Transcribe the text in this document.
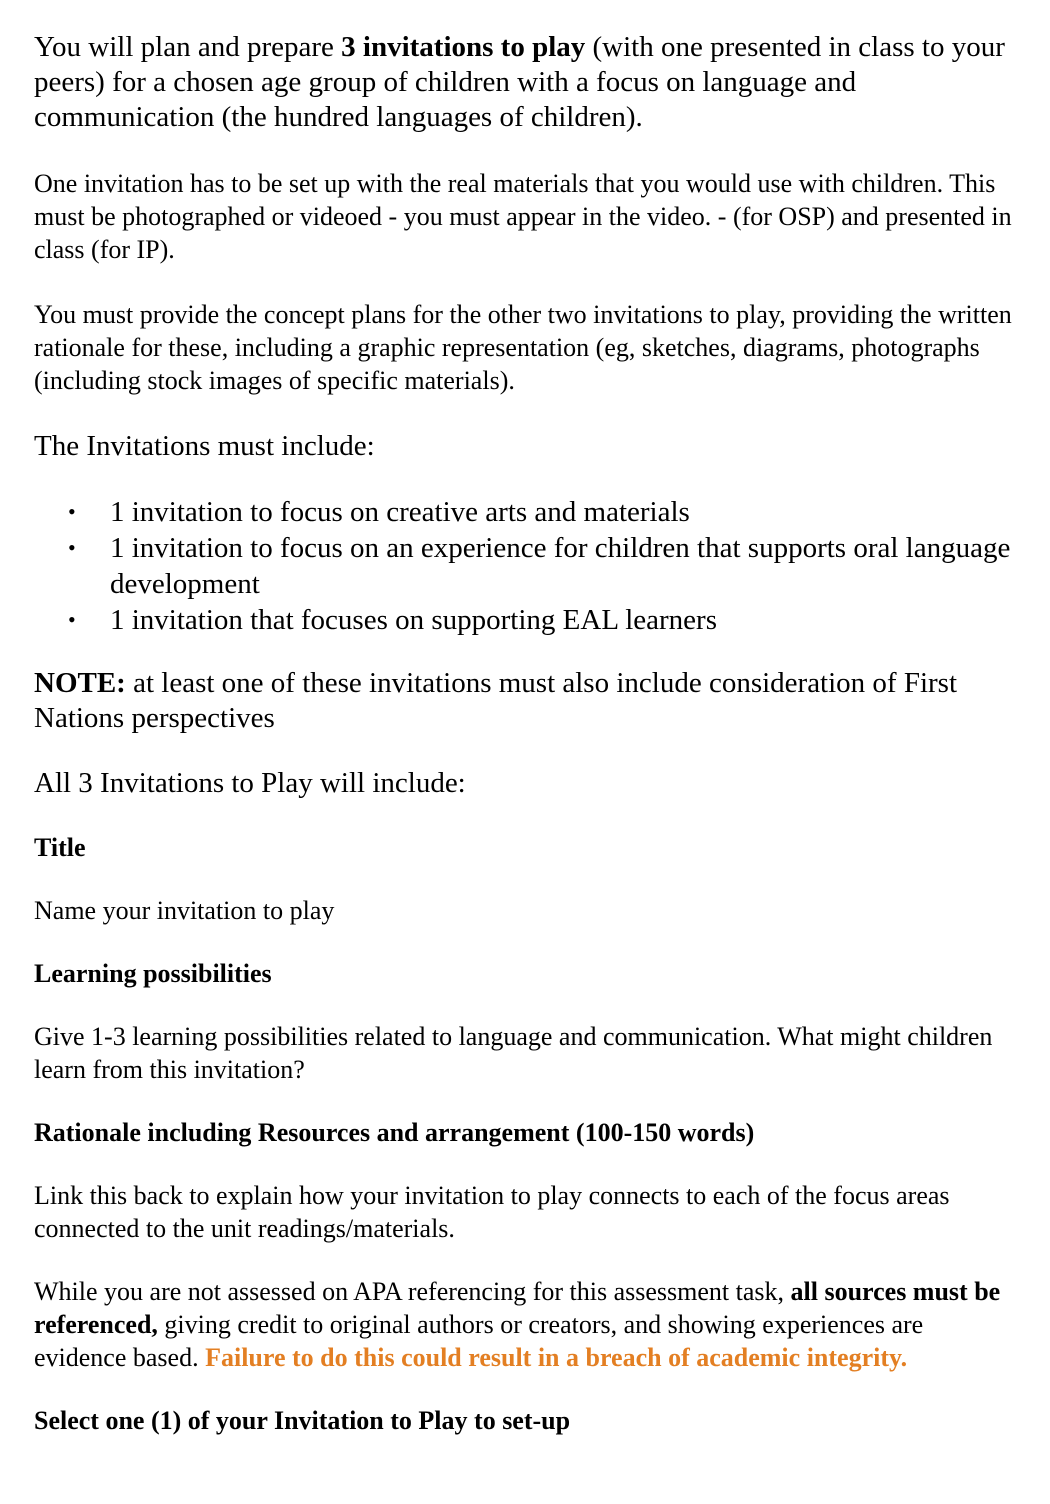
You will plan and prepare 3 invitations to play (with one presented in class to your peers) for a chosen age group of children with a focus on language and communication (the hundred languages of children).

One invitation has to be set up with the real materials that you would use with children. This must be photographed or videoed - you must appear in the video. - (for OSP) and presented in class (for IP).

You must provide the concept plans for the other two invitations to play, providing the written rationale for these, including a graphic representation (eg, sketches, diagrams, photographs (including stock images of specific materials).

The Invitations must include:

• 1 invitation to focus on creative arts and materials
• 1 invitation to focus on an experience for children that supports oral language development
• 1 invitation that focuses on supporting EAL learners

NOTE: at least one of these invitations must also include consideration of First Nations perspectives

All 3 Invitations to Play will include:

Title

Name your invitation to play

Learning possibilities

Give 1-3 learning possibilities related to language and communication. What might children learn from this invitation?

Rationale including Resources and arrangement (100-150 words)

Link this back to explain how your invitation to play connects to each of the focus areas connected to the unit readings/materials.

While you are not assessed on APA referencing for this assessment task, all sources must be referenced, giving credit to original authors or creators, and showing experiences are evidence based. Failure to do this could result in a breach of academic integrity.

Select one (1) of your Invitation to Play to set-up
